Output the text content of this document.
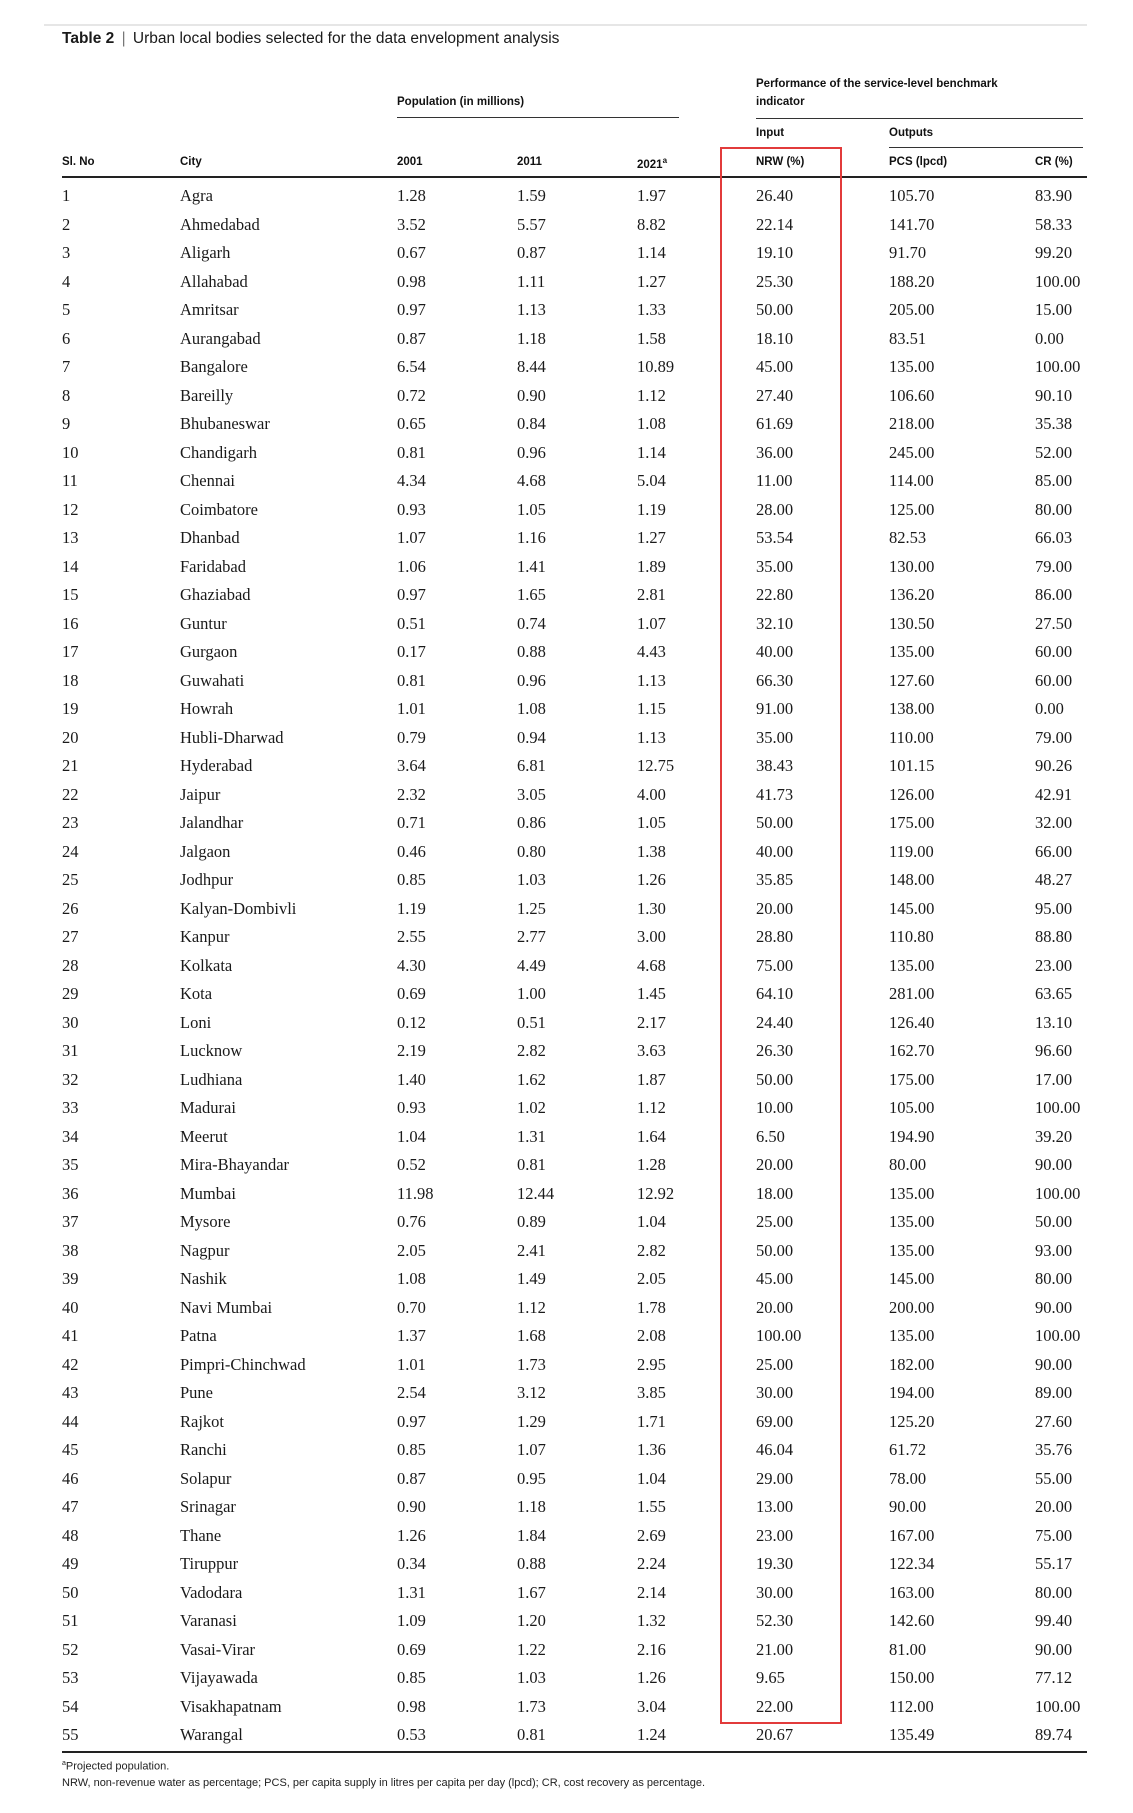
Table 2 | Urban local bodies selected for the data envelopment analysis
Population (in millions)
Performance of the service-level benchmark
indicator
Input	Outputs
Sl. No	City	2001	2011	2021$^a$	NRW (%)	PCS (lpcd)	CR (%)
1	Agra	1.28	1.59	1.97	26.40	105.70	83.90
2	Ahmedabad	3.52	5.57	8.82	22.14	141.70	58.33
3	Aligarh	0.67	0.87	1.14	19.10	91.70	99.20
4	Allahabad	0.98	1.11	1.27	25.30	188.20	100.00
5	Amritsar	0.97	1.13	1.33	50.00	205.00	15.00
6	Aurangabad	0.87	1.18	1.58	18.10	83.51	0.00
7	Bangalore	6.54	8.44	10.89	45.00	135.00	100.00
8	Bareilly	0.72	0.90	1.12	27.40	106.60	90.10
9	Bhubaneswar	0.65	0.84	1.08	61.69	218.00	35.38
10	Chandigarh	0.81	0.96	1.14	36.00	245.00	52.00
11	Chennai	4.34	4.68	5.04	11.00	114.00	85.00
12	Coimbatore	0.93	1.05	1.19	28.00	125.00	80.00
13	Dhanbad	1.07	1.16	1.27	53.54	82.53	66.03
14	Faridabad	1.06	1.41	1.89	35.00	130.00	79.00
15	Ghaziabad	0.97	1.65	2.81	22.80	136.20	86.00
16	Guntur	0.51	0.74	1.07	32.10	130.50	27.50
17	Gurgaon	0.17	0.88	4.43	40.00	135.00	60.00
18	Guwahati	0.81	0.96	1.13	66.30	127.60	60.00
19	Howrah	1.01	1.08	1.15	91.00	138.00	0.00
20	Hubli-Dharwad	0.79	0.94	1.13	35.00	110.00	79.00
21	Hyderabad	3.64	6.81	12.75	38.43	101.15	90.26
22	Jaipur	2.32	3.05	4.00	41.73	126.00	42.91
23	Jalandhar	0.71	0.86	1.05	50.00	175.00	32.00
24	Jalgaon	0.46	0.80	1.38	40.00	119.00	66.00
25	Jodhpur	0.85	1.03	1.26	35.85	148.00	48.27
26	Kalyan-Dombivli	1.19	1.25	1.30	20.00	145.00	95.00
27	Kanpur	2.55	2.77	3.00	28.80	110.80	88.80
28	Kolkata	4.30	4.49	4.68	75.00	135.00	23.00
29	Kota	0.69	1.00	1.45	64.10	281.00	63.65
30	Loni	0.12	0.51	2.17	24.40	126.40	13.10
31	Lucknow	2.19	2.82	3.63	26.30	162.70	96.60
32	Ludhiana	1.40	1.62	1.87	50.00	175.00	17.00
33	Madurai	0.93	1.02	1.12	10.00	105.00	100.00
34	Meerut	1.04	1.31	1.64	6.50	194.90	39.20
35	Mira-Bhayandar	0.52	0.81	1.28	20.00	80.00	90.00
36	Mumbai	11.98	12.44	12.92	18.00	135.00	100.00
37	Mysore	0.76	0.89	1.04	25.00	135.00	50.00
38	Nagpur	2.05	2.41	2.82	50.00	135.00	93.00
39	Nashik	1.08	1.49	2.05	45.00	145.00	80.00
40	Navi Mumbai	0.70	1.12	1.78	20.00	200.00	90.00
41	Patna	1.37	1.68	2.08	100.00	135.00	100.00
42	Pimpri-Chinchwad	1.01	1.73	2.95	25.00	182.00	90.00
43	Pune	2.54	3.12	3.85	30.00	194.00	89.00
44	Rajkot	0.97	1.29	1.71	69.00	125.20	27.60
45	Ranchi	0.85	1.07	1.36	46.04	61.72	35.76
46	Solapur	0.87	0.95	1.04	29.00	78.00	55.00
47	Srinagar	0.90	1.18	1.55	13.00	90.00	20.00
48	Thane	1.26	1.84	2.69	23.00	167.00	75.00
49	Tiruppur	0.34	0.88	2.24	19.30	122.34	55.17
50	Vadodara	1.31	1.67	2.14	30.00	163.00	80.00
51	Varanasi	1.09	1.20	1.32	52.30	142.60	99.40
52	Vasai-Virar	0.69	1.22	2.16	21.00	81.00	90.00
53	Vijayawada	0.85	1.03	1.26	9.65	150.00	77.12
54	Visakhapatnam	0.98	1.73	3.04	22.00	112.00	100.00
55	Warangal	0.53	0.81	1.24	20.67	135.49	89.74
$^a$Projected population.
NRW, non-revenue water as percentage; PCS, per capita supply in litres per capita per day (lpcd); CR, cost recovery as percentage.
